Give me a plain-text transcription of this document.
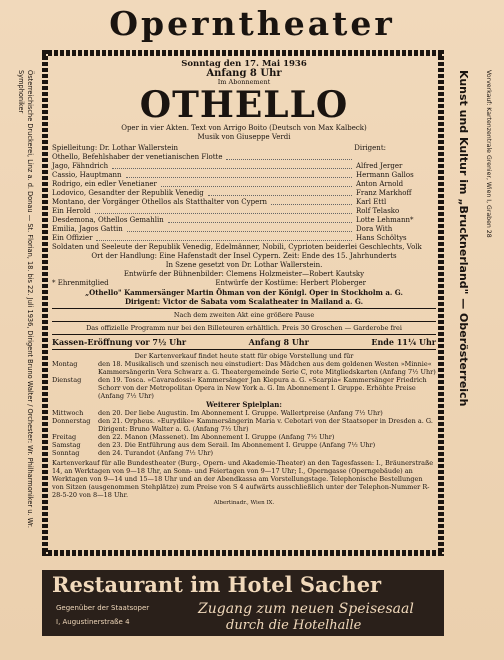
Operntheater
Österreichische Druckerei, Linz a. d. Donau — St. Florian, 18. bis 22. Juli 1936, Dirigent Bruno Walter / Orchester: Wr. Philharmoniker u. Wr. Symphoniker	Kunst und Kultur im „Brucknerland" — Oberösterreich	Vorverkauf: Kartenzentrale Grenier, Wien I, Graben 28
Sonntag den 17. Mai 1936
Anfang 8 Uhr
Im Abonnement
OTHELLO
Oper in vier Akten. Text von Arrigo Boito (Deutsch von Max Kalbeck)
Musik von Giuseppe Verdi
Spielleitung: Dr. Lothar Wallerstein	Dirigent:
Othello, Befehlshaber der venetianischen Flotte
Jago, Fähndrich	Alfred Jerger
Cassio, Hauptmann	Hermann Gallos
Rodrigo, ein edler Venetianer	Anton Arnold
Lodovico, Gesandter der Republik Venedig	Franz Markhoff
Montano, der Vorgänger Othellos als Statthalter von Cypern	Karl Ettl
Ein Herold	Rolf Telasko
Desdemona, Othellos Gemahlin	Lotte Lehmann*
Emilia, Jagos Gattin	Dora With
Ein Offizier	Hans Schöltys
Soldaten und Seeleute der Republik Venedig, Edelmänner, Nobili, Cyprioten beiderlei Geschlechts, Volk
Ort der Handlung: Eine Hafenstadt der Insel Cypern. Zeit: Ende des 15. Jahrhunderts
In Szene gesetzt von Dr. Lothar Wallerstein.
Entwürfe der Bühnenbilder: Clemens Holzmeister—Robert Kautsky
* Ehrenmitglied	Entwürfe der Kostüme: Herbert Ploberger
„Othello" Kammersänger Martin Öhman von der Königl. Oper in Stockholm a. G.
Dirigent: Victor de Sabata vom Scalatheater in Mailand a. G.
Nach dem zweiten Akt eine größere Pause
Das offizielle Programm nur bei den Billeteuren erhältlich. Preis 30 Groschen — Garderobe frei
Kassen-Eröffnung vor 7½ Uhr	Anfang 8 Uhr	Ende 11¼ Uhr
Der Kartenverkauf findet heute statt für obige Vorstellung und für
Montag	den 18. Musikalisch und szenisch neu einstudiert: Das Mädchen aus dem goldenen Westen »Minnie« Kammersängerin Vera Schwarz a. G. Theatergemeinde Serie C, rote Mitgliedskarten (Anfang 7½ Uhr)
Dienstag	den 19. Tosca. »Cavaradossi« Kammersänger Jan Kiepura a. G. »Scarpia« Kammersänger Friedrich Schorr von der Metropolitan Opera in New York a. G. Im Abonnement I. Gruppe. Erhöhte Preise (Anfang 7½ Uhr)
Weiterer Spielplan:
Mittwoch	den 20. Der liebe Augustin. Im Abonnement I. Gruppe. Wallertpreise (Anfang 7½ Uhr)
Donnerstag	den 21. Orpheus. »Eurydike« Kammersängerin Maria v. Cebotari von der Staatsoper in Dresden a. G. Dirigent: Bruno Walter a. G. (Anfang 7½ Uhr)
Freitag	den 22. Manon (Massenet). Im Abonnement I. Gruppe (Anfang 7½ Uhr)
Samstag	den 23. Die Entführung aus dem Serail. Im Abonnement I. Gruppe (Anfang 7½ Uhr)
Sonntag	den 24. Turandot (Anfang 7½ Uhr)
Kartenverkauf für alle Bundestheater (Burg-, Opern- und Akademie-Theater) an den Tagesfassen: I., Bräunerstraße 14, an Werktagen von 9—18 Uhr, an Sonn- und Feiertagen von 9—17 Uhr; I., Operngasse (Operngebäude) an Werktagen von 9—14 und 15—18 Uhr und an der Abendkassa am Vorstellungstage. Telephonische Bestellungen von Sitzen (ausgenommen Stehplätze) zum Preise von S 4 aufwärts ausschließlich unter der Telephon-Nummer R-28-5-20 von 8—18 Uhr.
Albertinadr., Wien IX.
Restaurant im Hotel Sacher
Gegenüber der Staatsoper
I, Augustinerstraße 4
Zugang zum neuen Speisesaal
durch die Hotelhalle
